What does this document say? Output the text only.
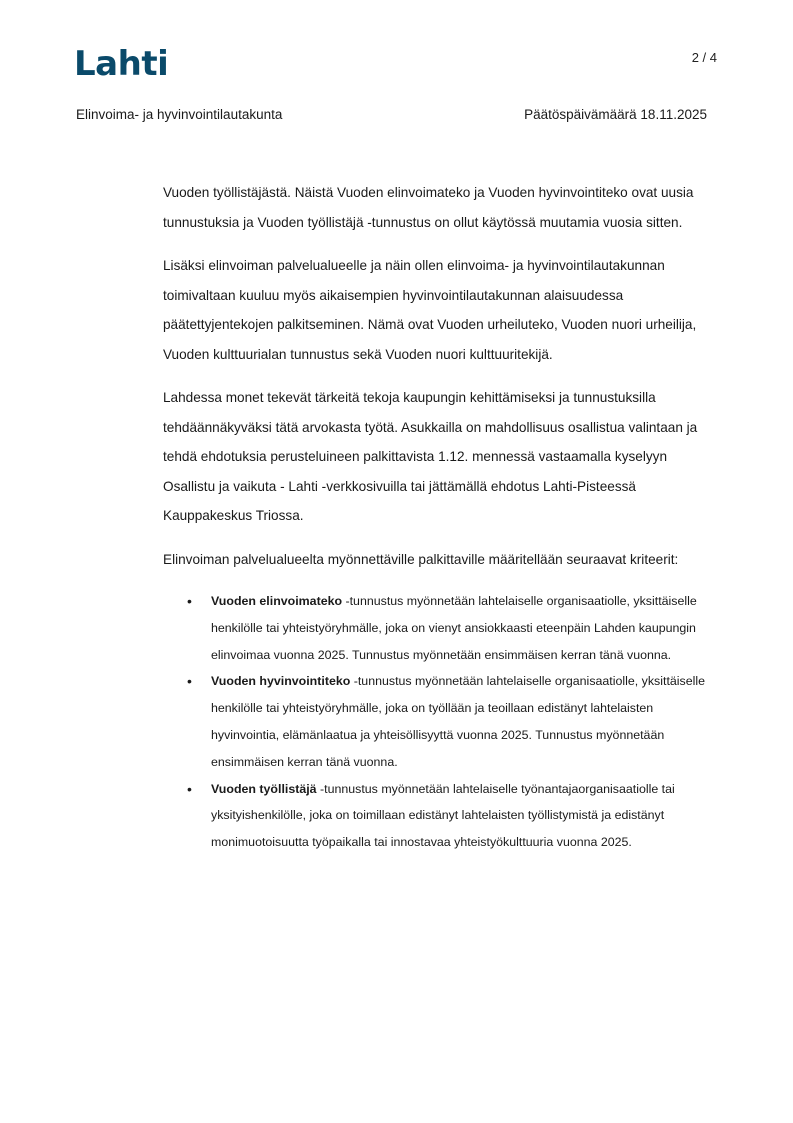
Lahti	2 / 4
Elinvoima- ja hyvinvointilautakunta	Päätöspäivämäärä 18.11.2025

Vuoden työllistäjästä. Näistä Vuoden elinvoimateko ja Vuoden hyvinvointiteko ovat uusia tunnustuksia ja Vuoden työllistäjä -tunnustus on ollut käytössä muutamia vuosia sitten.

Lisäksi elinvoiman palvelualueelle ja näin ollen elinvoima- ja hyvinvointilautakunnan toimivaltaan kuuluu myös aikaisempien hyvinvointilautakunnan alaisuudessa päätettyjentekojen palkitseminen. Nämä ovat Vuoden urheiluteko, Vuoden nuori urheilija, Vuoden kulttuurialan tunnustus sekä Vuoden nuori kulttuuritekijä.

Lahdessa monet tekevät tärkeitä tekoja kaupungin kehittämiseksi ja tunnustuksilla tehdäännäkyväksi tätä arvokasta työtä. Asukkailla on mahdollisuus osallistua valintaan ja tehdä ehdotuksia perusteluineen palkittavista 1.12. mennessä vastaamalla kyselyyn Osallistu ja vaikuta - Lahti -verkkosivuilla tai jättämällä ehdotus Lahti-Pisteessä Kauppakeskus Triossa.

Elinvoiman palvelualueelta myönnettäville palkittaville määritellään seuraavat kriteerit:

• Vuoden elinvoimateko -tunnustus myönnetään lahtelaiselle organisaatiolle, yksittäiselle henkilölle tai yhteistyöryhmälle, joka on vienyt ansiokkaasti eteenpäin Lahden kaupungin elinvoimaa vuonna 2025. Tunnustus myönnetään ensimmäisen kerran tänä vuonna.
• Vuoden hyvinvointiteko -tunnustus myönnetään lahtelaiselle organisaatiolle, yksittäiselle henkilölle tai yhteistyöryhmälle, joka on työllään ja teoillaan edistänyt lahtelaisten hyvinvointia, elämänlaatua ja yhteisöllisyyttä vuonna 2025. Tunnustus myönnetään ensimmäisen kerran tänä vuonna.
• Vuoden työllistäjä -tunnustus myönnetään lahtelaiselle työnantajaorganisaatiolle tai yksityishenkilölle, joka on toimillaan edistänyt lahtelaisten työllistymistä ja edistänyt monimuotoisuutta työpaikalla tai innostavaa yhteistyökulttuuria vuonna 2025.
